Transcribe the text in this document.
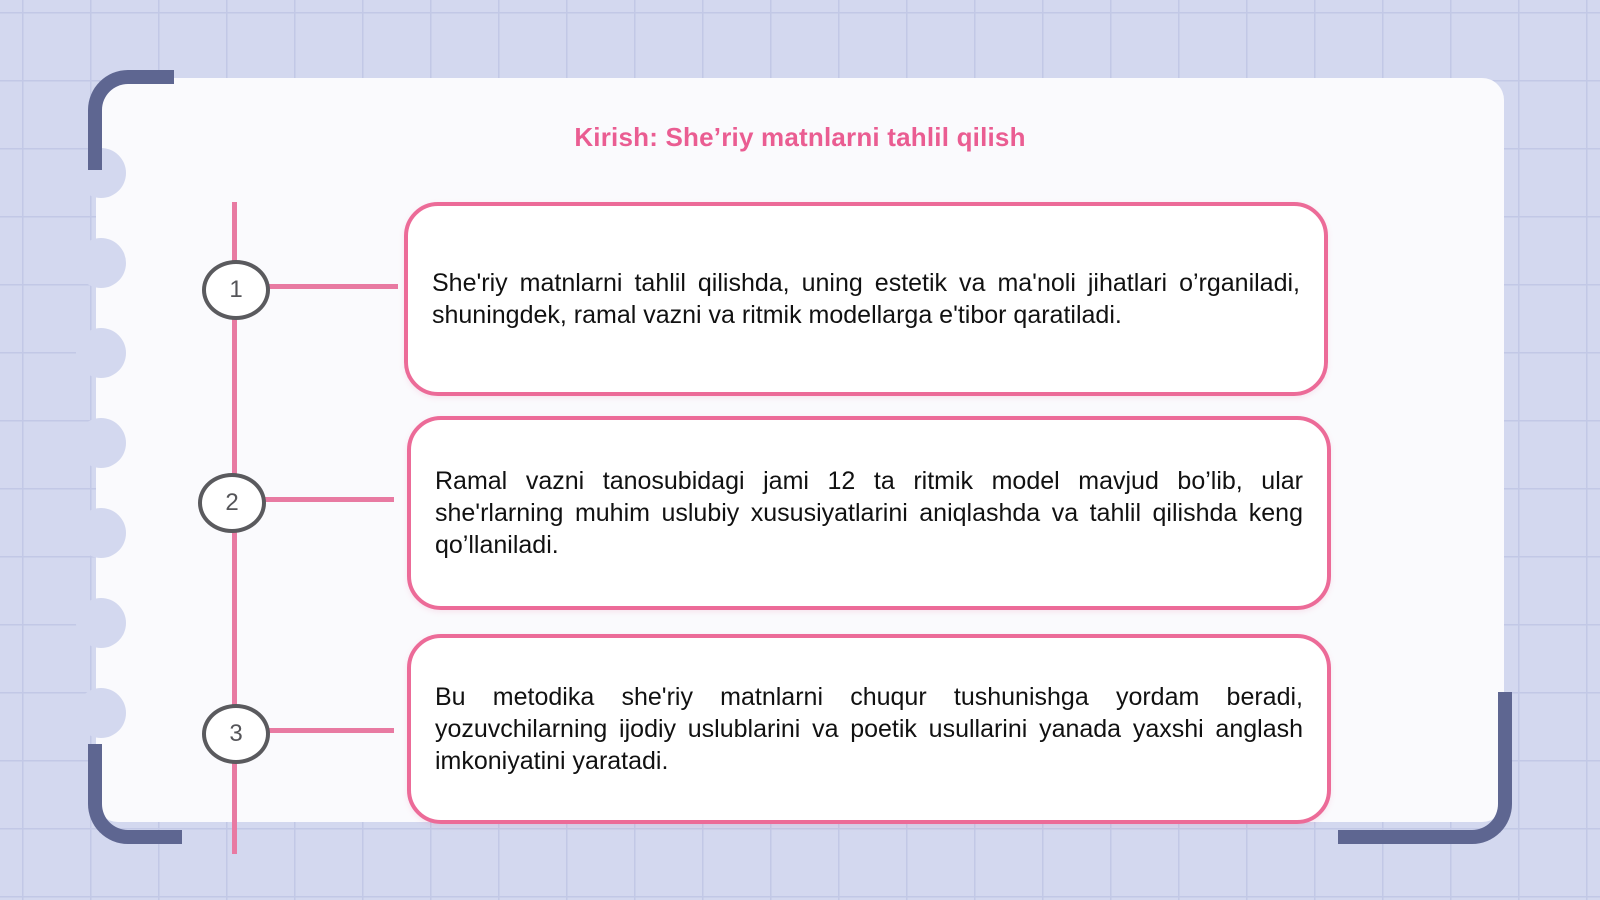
Kirish: She’riy matnlarni tahlil qilish
1	She'riy matnlarni tahlil qilishda, uning estetik va ma'noli jihatlari o’rganiladi, shuningdek, ramal vazni va ritmik modellarga e'tibor qaratiladi.
2
Ramal vazni tanosubidagi jami 12 ta ritmik model mavjud bo’lib, ular she'rlarning muhim uslubiy xususiyatlarini aniqlashda va tahlil qilishda keng qo’llaniladi.
3
Bu metodika she'riy matnlarni chuqur tushunishga yordam beradi, yozuvchilarning ijodiy uslublarini va poetik usullarini yanada yaxshi anglash imkoniyatini yaratadi.
